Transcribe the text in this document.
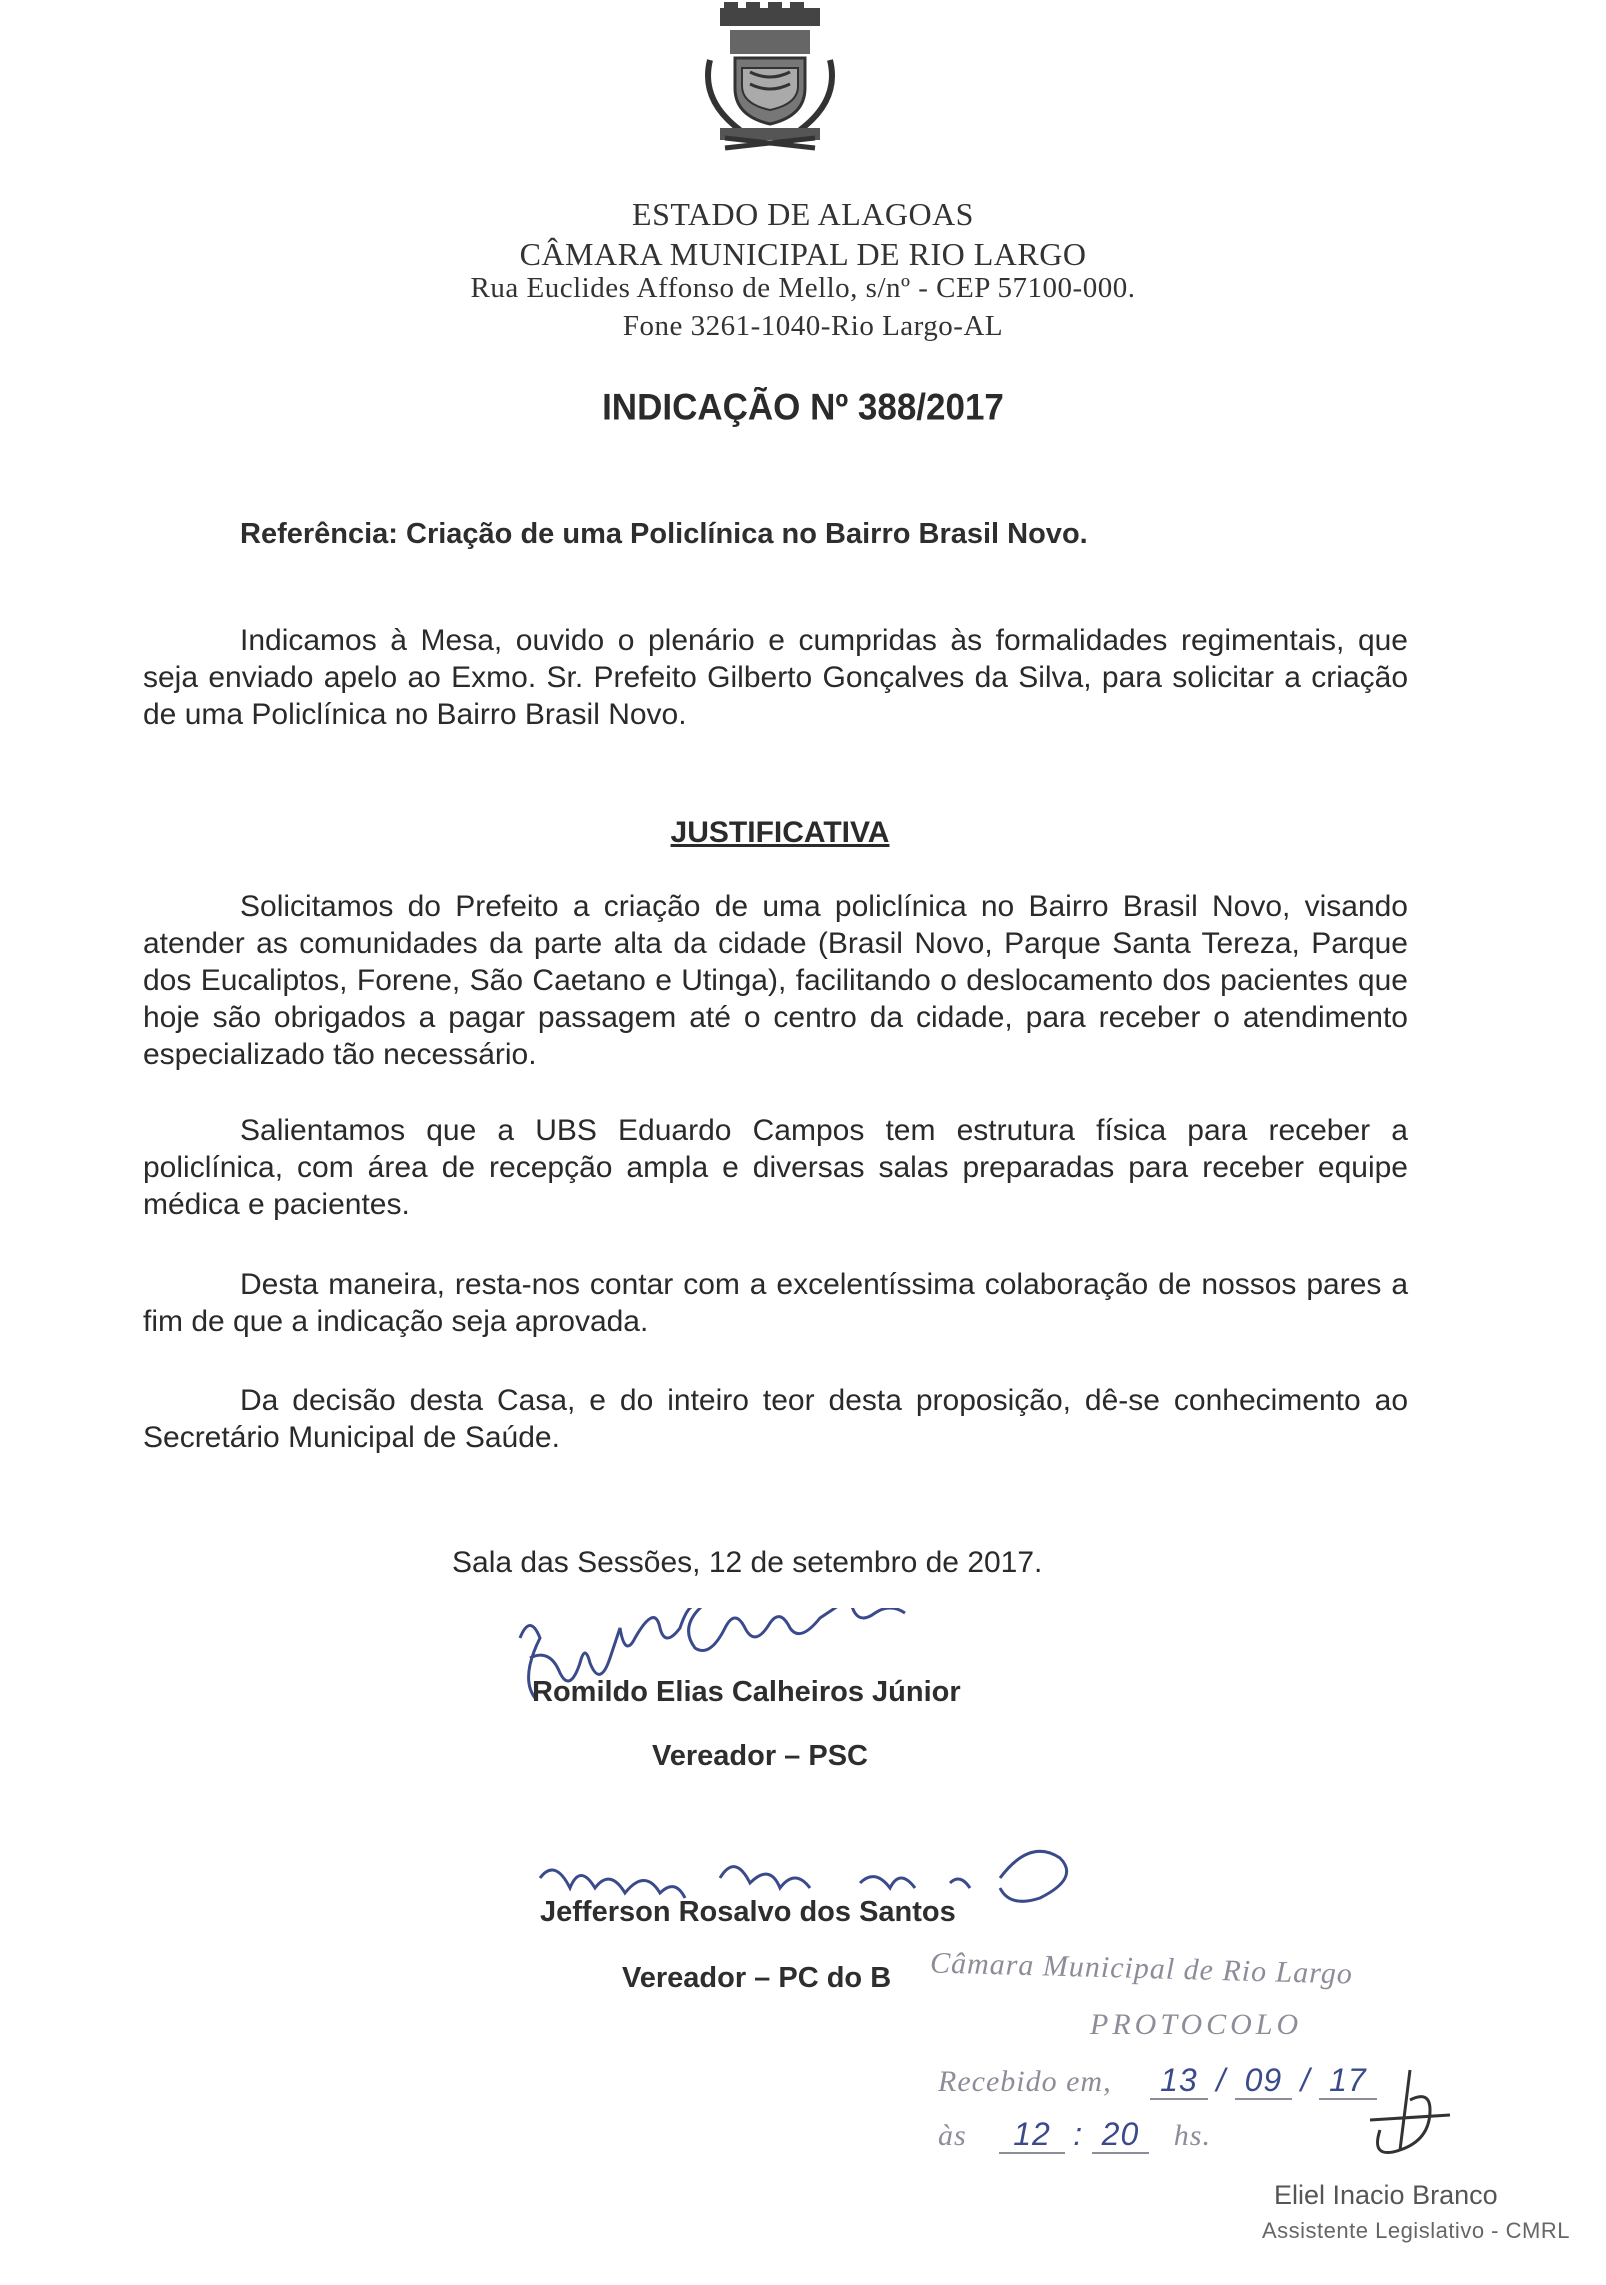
ESTADO DE ALAGOAS
CÂMARA MUNICIPAL DE RIO LARGO
Rua Euclides Affonso de Mello, s/nº - CEP 57100-000.
Fone 3261-1040-Rio Largo-AL
INDICAÇÃO Nº 388/2017
Referência: Criação de uma Policlínica no Bairro Brasil Novo.

Indicamos à Mesa, ouvido o plenário e cumpridas às formalidades regimentais, que seja enviado apelo ao Exmo. Sr. Prefeito Gilberto Gonçalves da Silva, para solicitar a criação de uma Policlínica no Bairro Brasil Novo.

JUSTIFICATIVA

Solicitamos do Prefeito a criação de uma policlínica no Bairro Brasil Novo, visando atender as comunidades da parte alta da cidade (Brasil Novo, Parque Santa Tereza, Parque dos Eucaliptos, Forene, São Caetano e Utinga), facilitando o deslocamento dos pacientes que hoje são obrigados a pagar passagem até o centro da cidade, para receber o atendimento especializado tão necessário.

Salientamos que a UBS Eduardo Campos tem estrutura física para receber a policlínica, com área de recepção ampla e diversas salas preparadas para receber equipe médica e pacientes.

Desta maneira, resta-nos contar com a excelentíssima colaboração de nossos pares a fim de que a indicação seja aprovada.

Da decisão desta Casa, e do inteiro teor desta proposição, dê-se conhecimento ao Secretário Municipal de Saúde.

Sala das Sessões, 12 de setembro de 2017.
Romildo Elias Calheiros Júnior
Vereador – PSC
Jefferson Rosalvo dos Santos
Vereador – PC do B Câmara Municipal de Rio Largo
PROTOCOLO
Recebido em, 13 / 09 / 17
às 12 : 20 hs.
Eliel Inacio Branco
Assistente Legislativo - CMRL
